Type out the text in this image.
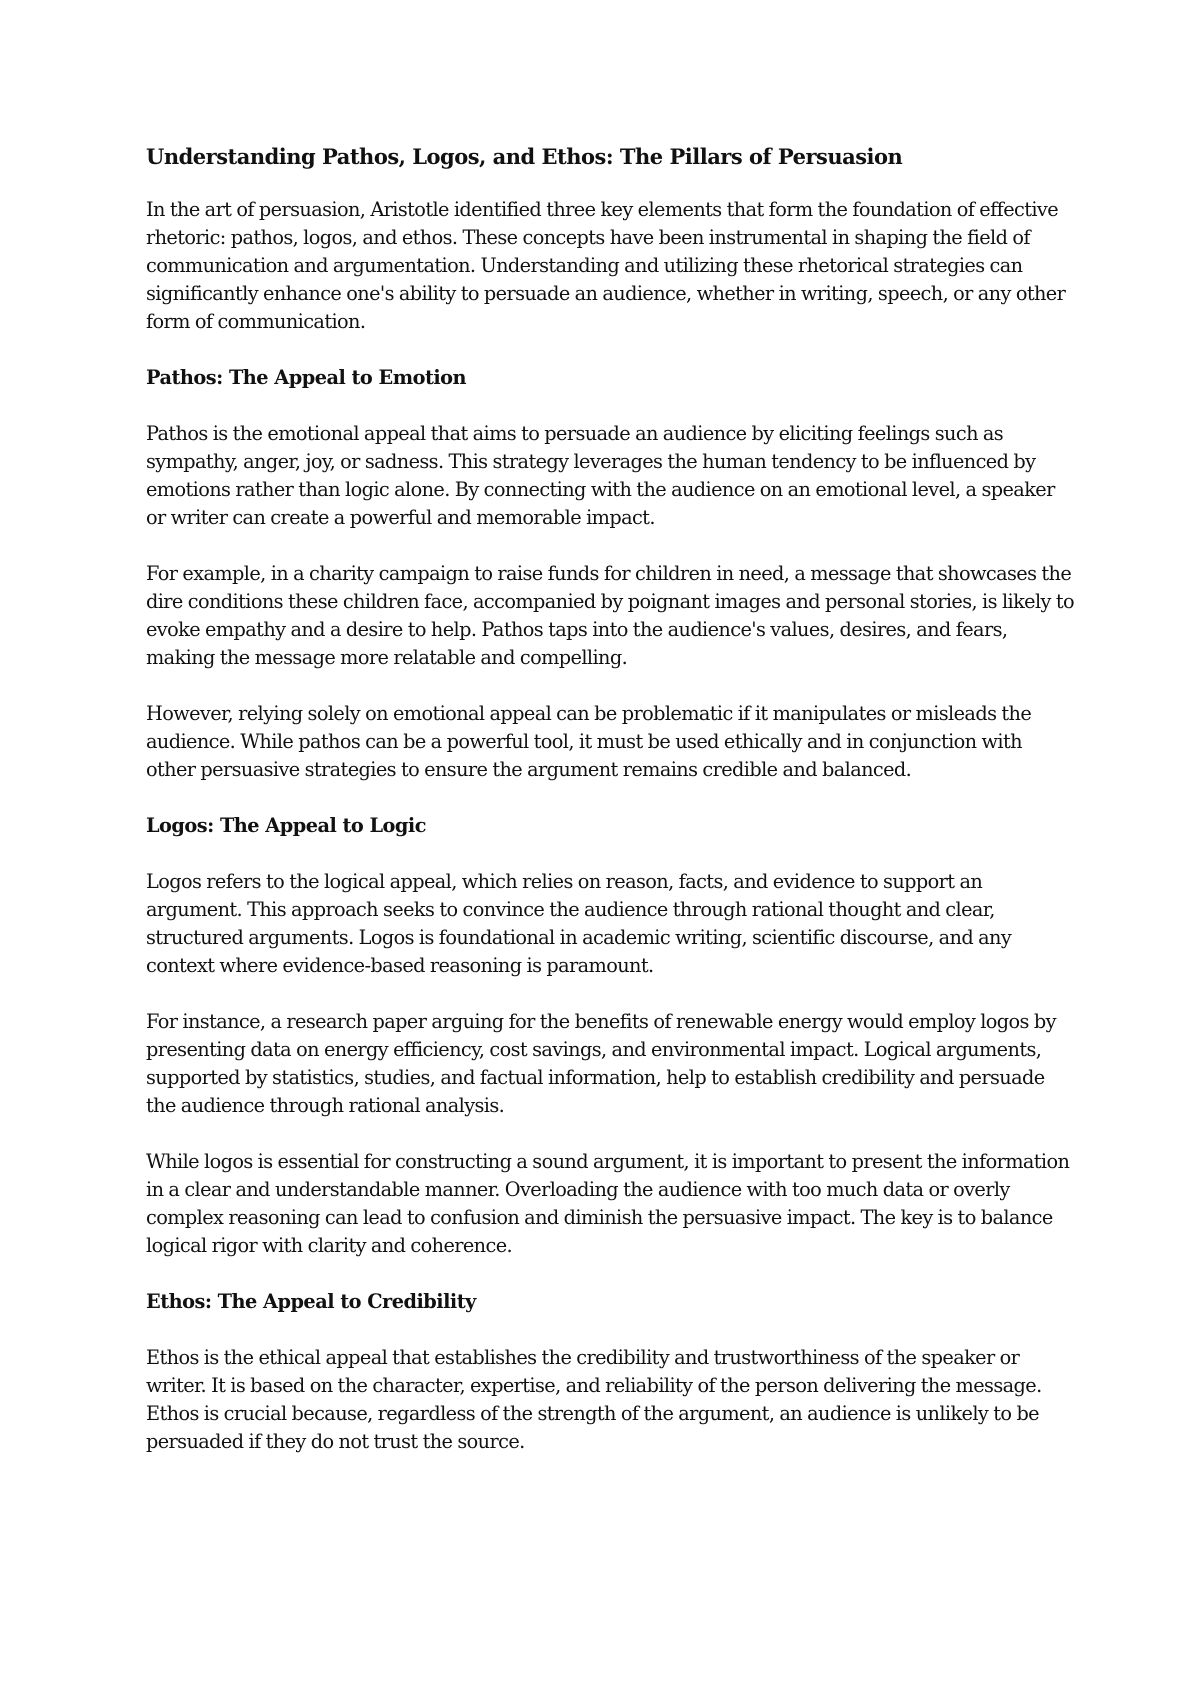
Understanding Pathos, Logos, and Ethos: The Pillars of Persuasion

In the art of persuasion, Aristotle identified three key elements that form the foundation of effective rhetoric: pathos, logos, and ethos. These concepts have been instrumental in shaping the field of communication and argumentation. Understanding and utilizing these rhetorical strategies can significantly enhance one's ability to persuade an audience, whether in writing, speech, or any other form of communication.

Pathos: The Appeal to Emotion

Pathos is the emotional appeal that aims to persuade an audience by eliciting feelings such as sympathy, anger, joy, or sadness. This strategy leverages the human tendency to be influenced by emotions rather than logic alone. By connecting with the audience on an emotional level, a speaker or writer can create a powerful and memorable impact.

For example, in a charity campaign to raise funds for children in need, a message that showcases the dire conditions these children face, accompanied by poignant images and personal stories, is likely to evoke empathy and a desire to help. Pathos taps into the audience's values, desires, and fears, making the message more relatable and compelling.

However, relying solely on emotional appeal can be problematic if it manipulates or misleads the audience. While pathos can be a powerful tool, it must be used ethically and in conjunction with other persuasive strategies to ensure the argument remains credible and balanced.

Logos: The Appeal to Logic

Logos refers to the logical appeal, which relies on reason, facts, and evidence to support an argument. This approach seeks to convince the audience through rational thought and clear, structured arguments. Logos is foundational in academic writing, scientific discourse, and any context where evidence-based reasoning is paramount.

For instance, a research paper arguing for the benefits of renewable energy would employ logos by presenting data on energy efficiency, cost savings, and environmental impact. Logical arguments, supported by statistics, studies, and factual information, help to establish credibility and persuade the audience through rational analysis.

While logos is essential for constructing a sound argument, it is important to present the information in a clear and understandable manner. Overloading the audience with too much data or overly complex reasoning can lead to confusion and diminish the persuasive impact. The key is to balance logical rigor with clarity and coherence.

Ethos: The Appeal to Credibility

Ethos is the ethical appeal that establishes the credibility and trustworthiness of the speaker or writer. It is based on the character, expertise, and reliability of the person delivering the message. Ethos is crucial because, regardless of the strength of the argument, an audience is unlikely to be persuaded if they do not trust the source.
